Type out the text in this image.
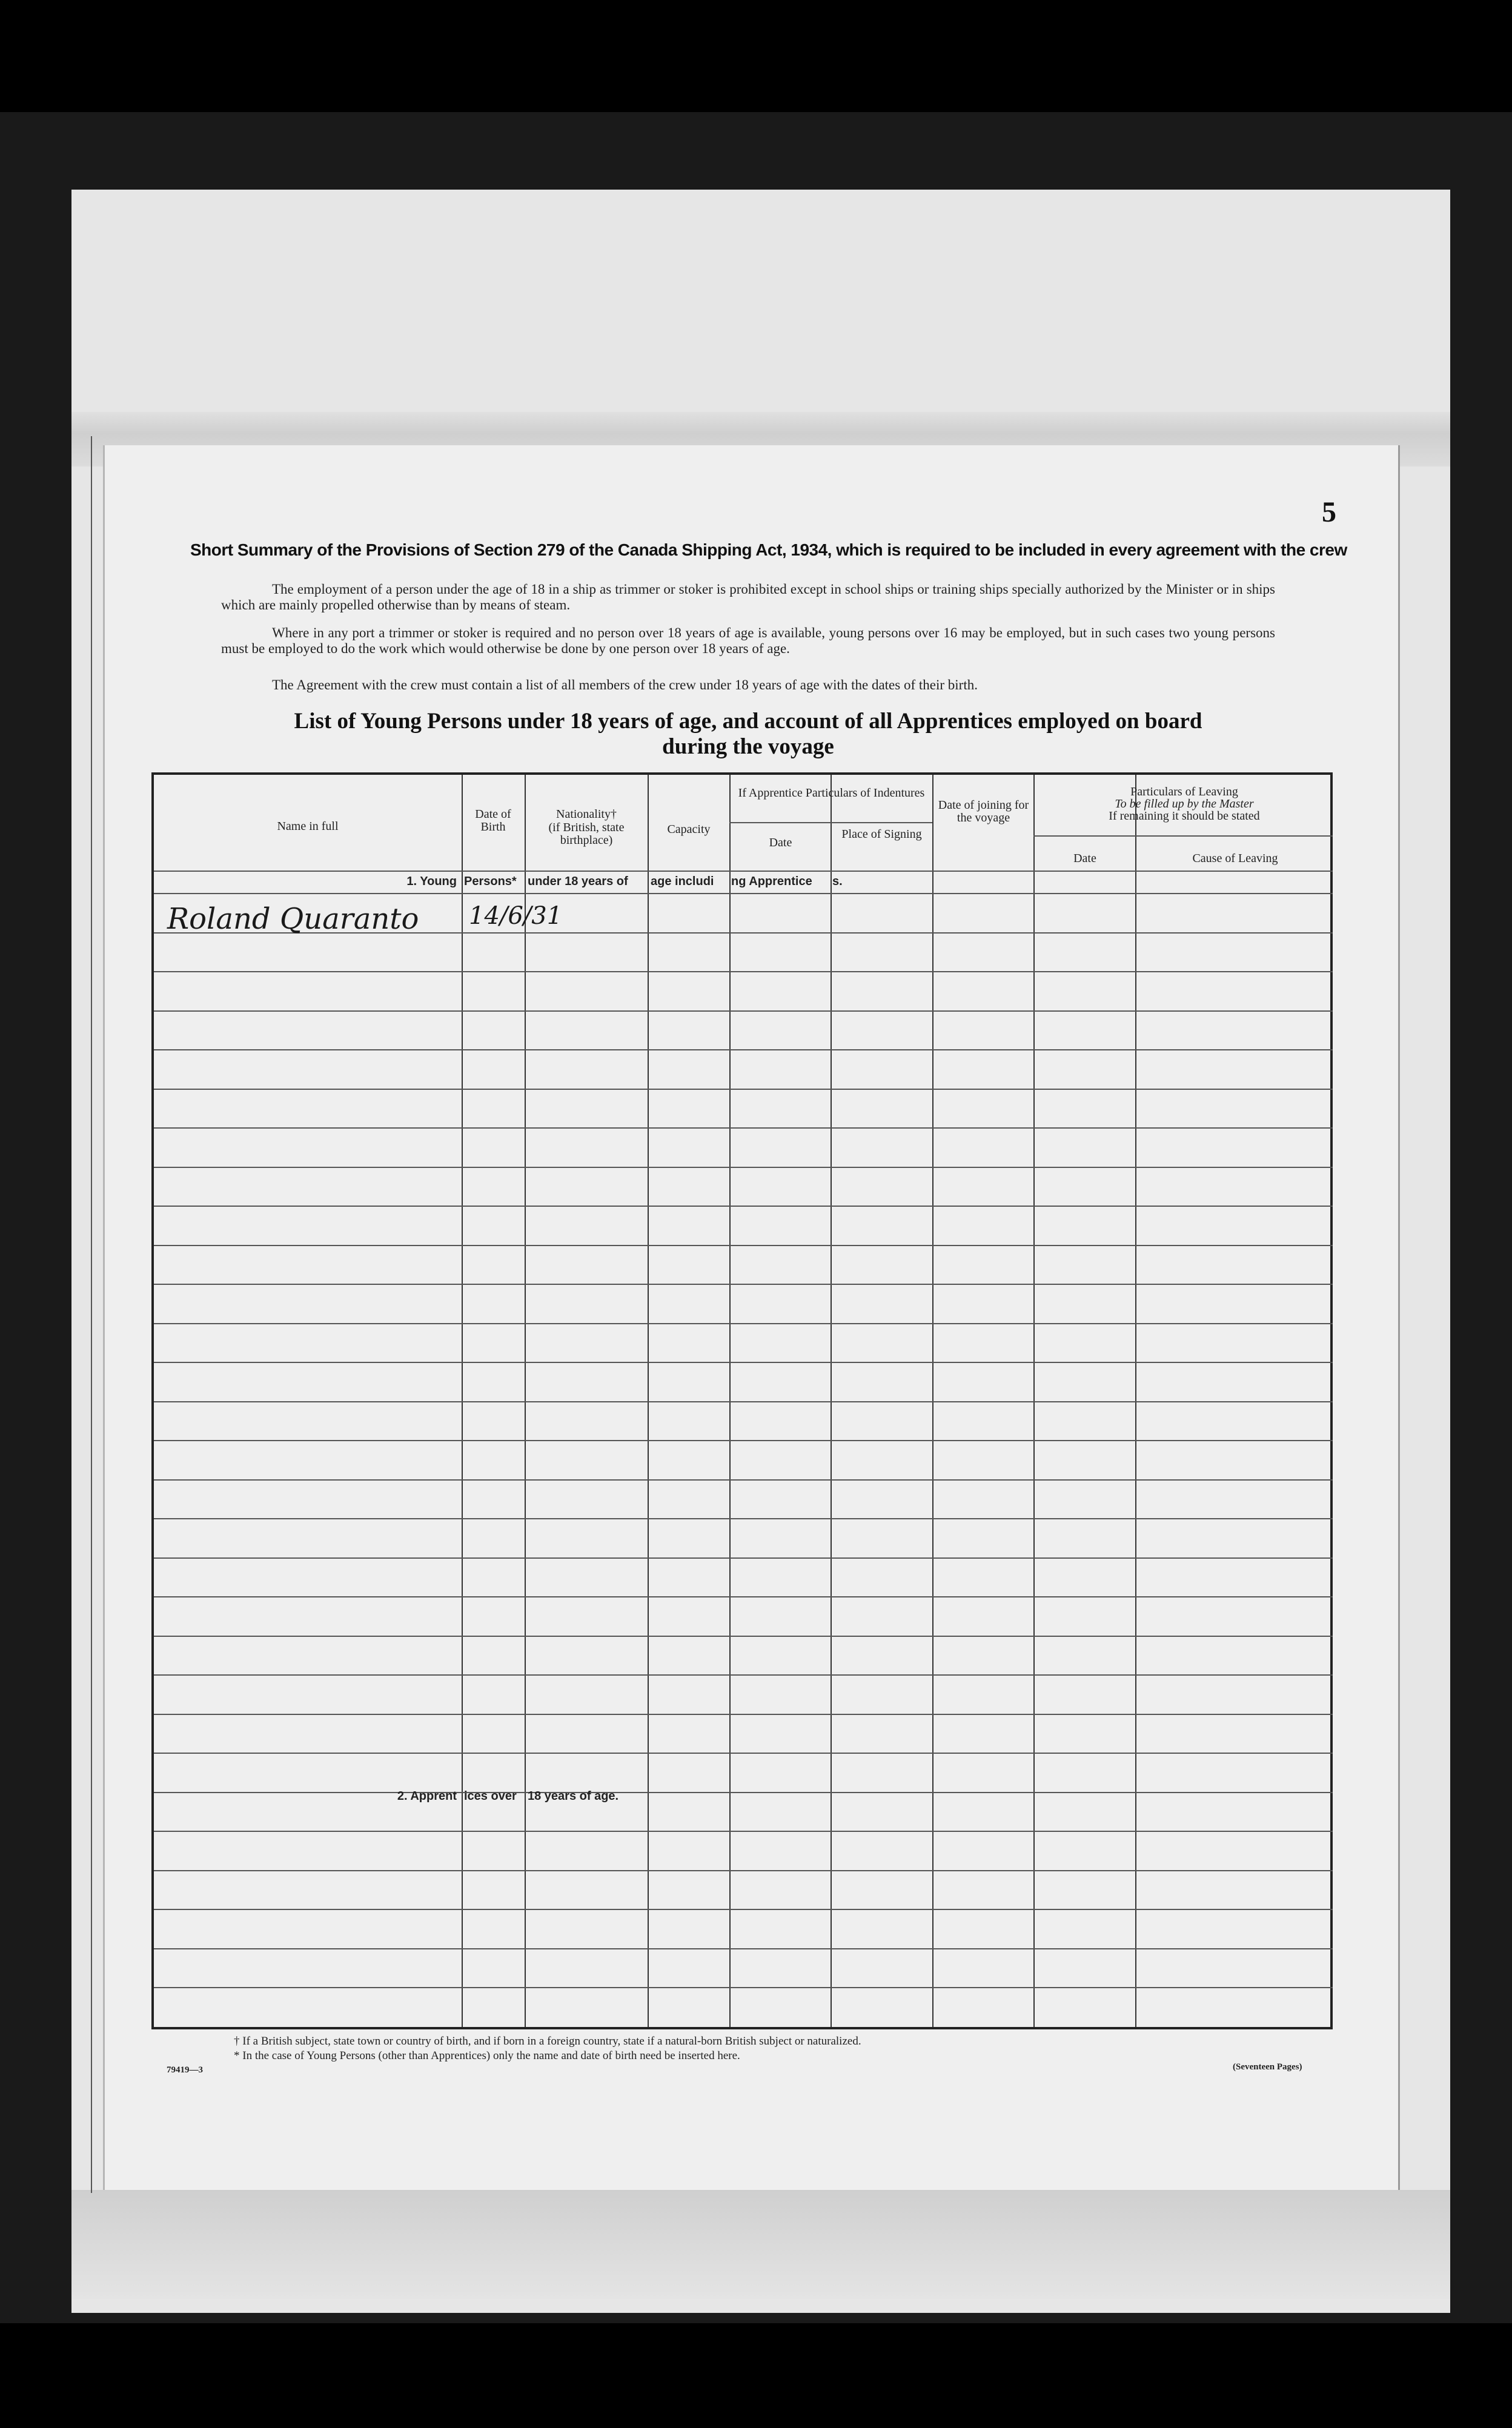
5
Short Summary of the Provisions of Section 279 of the Canada Shipping Act, 1934, which is required to be included in every agreement with the crew

The employment of a person under the age of 18 in a ship as trimmer or stoker is prohibited except in school ships or training ships specially authorized by the Minister or in ships which are mainly propelled otherwise than by means of steam.

Where in any port a trimmer or stoker is required and no person over 18 years of age is available, young persons over 16 may be employed, but in such cases two young persons must be employed to do the work which would otherwise be done by one person over 18 years of age.

The Agreement with the crew must contain a list of all members of the crew under 18 years of age with the dates of their birth.

List of Young Persons under 18 years of age, and account of all Apprentices employed on board during the voyage
Name in full
Date of Birth
Nationality†
(if British, state birthplace)
Capacity
If Apprentice Particulars of Indentures
Date
Place of Signing
Date of joining for the voyage
Particulars of Leaving
To be filled up by the Master
If remaining it should be stated
Date	Cause of Leaving
1. Young Persons* under 18 years of age includi ng Apprentice s.
Roland Quaranto 14/6/31
2. Apprent ices over 18 years of age.
† If a British subject, state town or country of birth, and if born in a foreign country, state if a natural-born British subject or naturalized.
* In the case of Young Persons (other than Apprentices) only the name and date of birth need be inserted here.
79419—3	(Seventeen Pages)
